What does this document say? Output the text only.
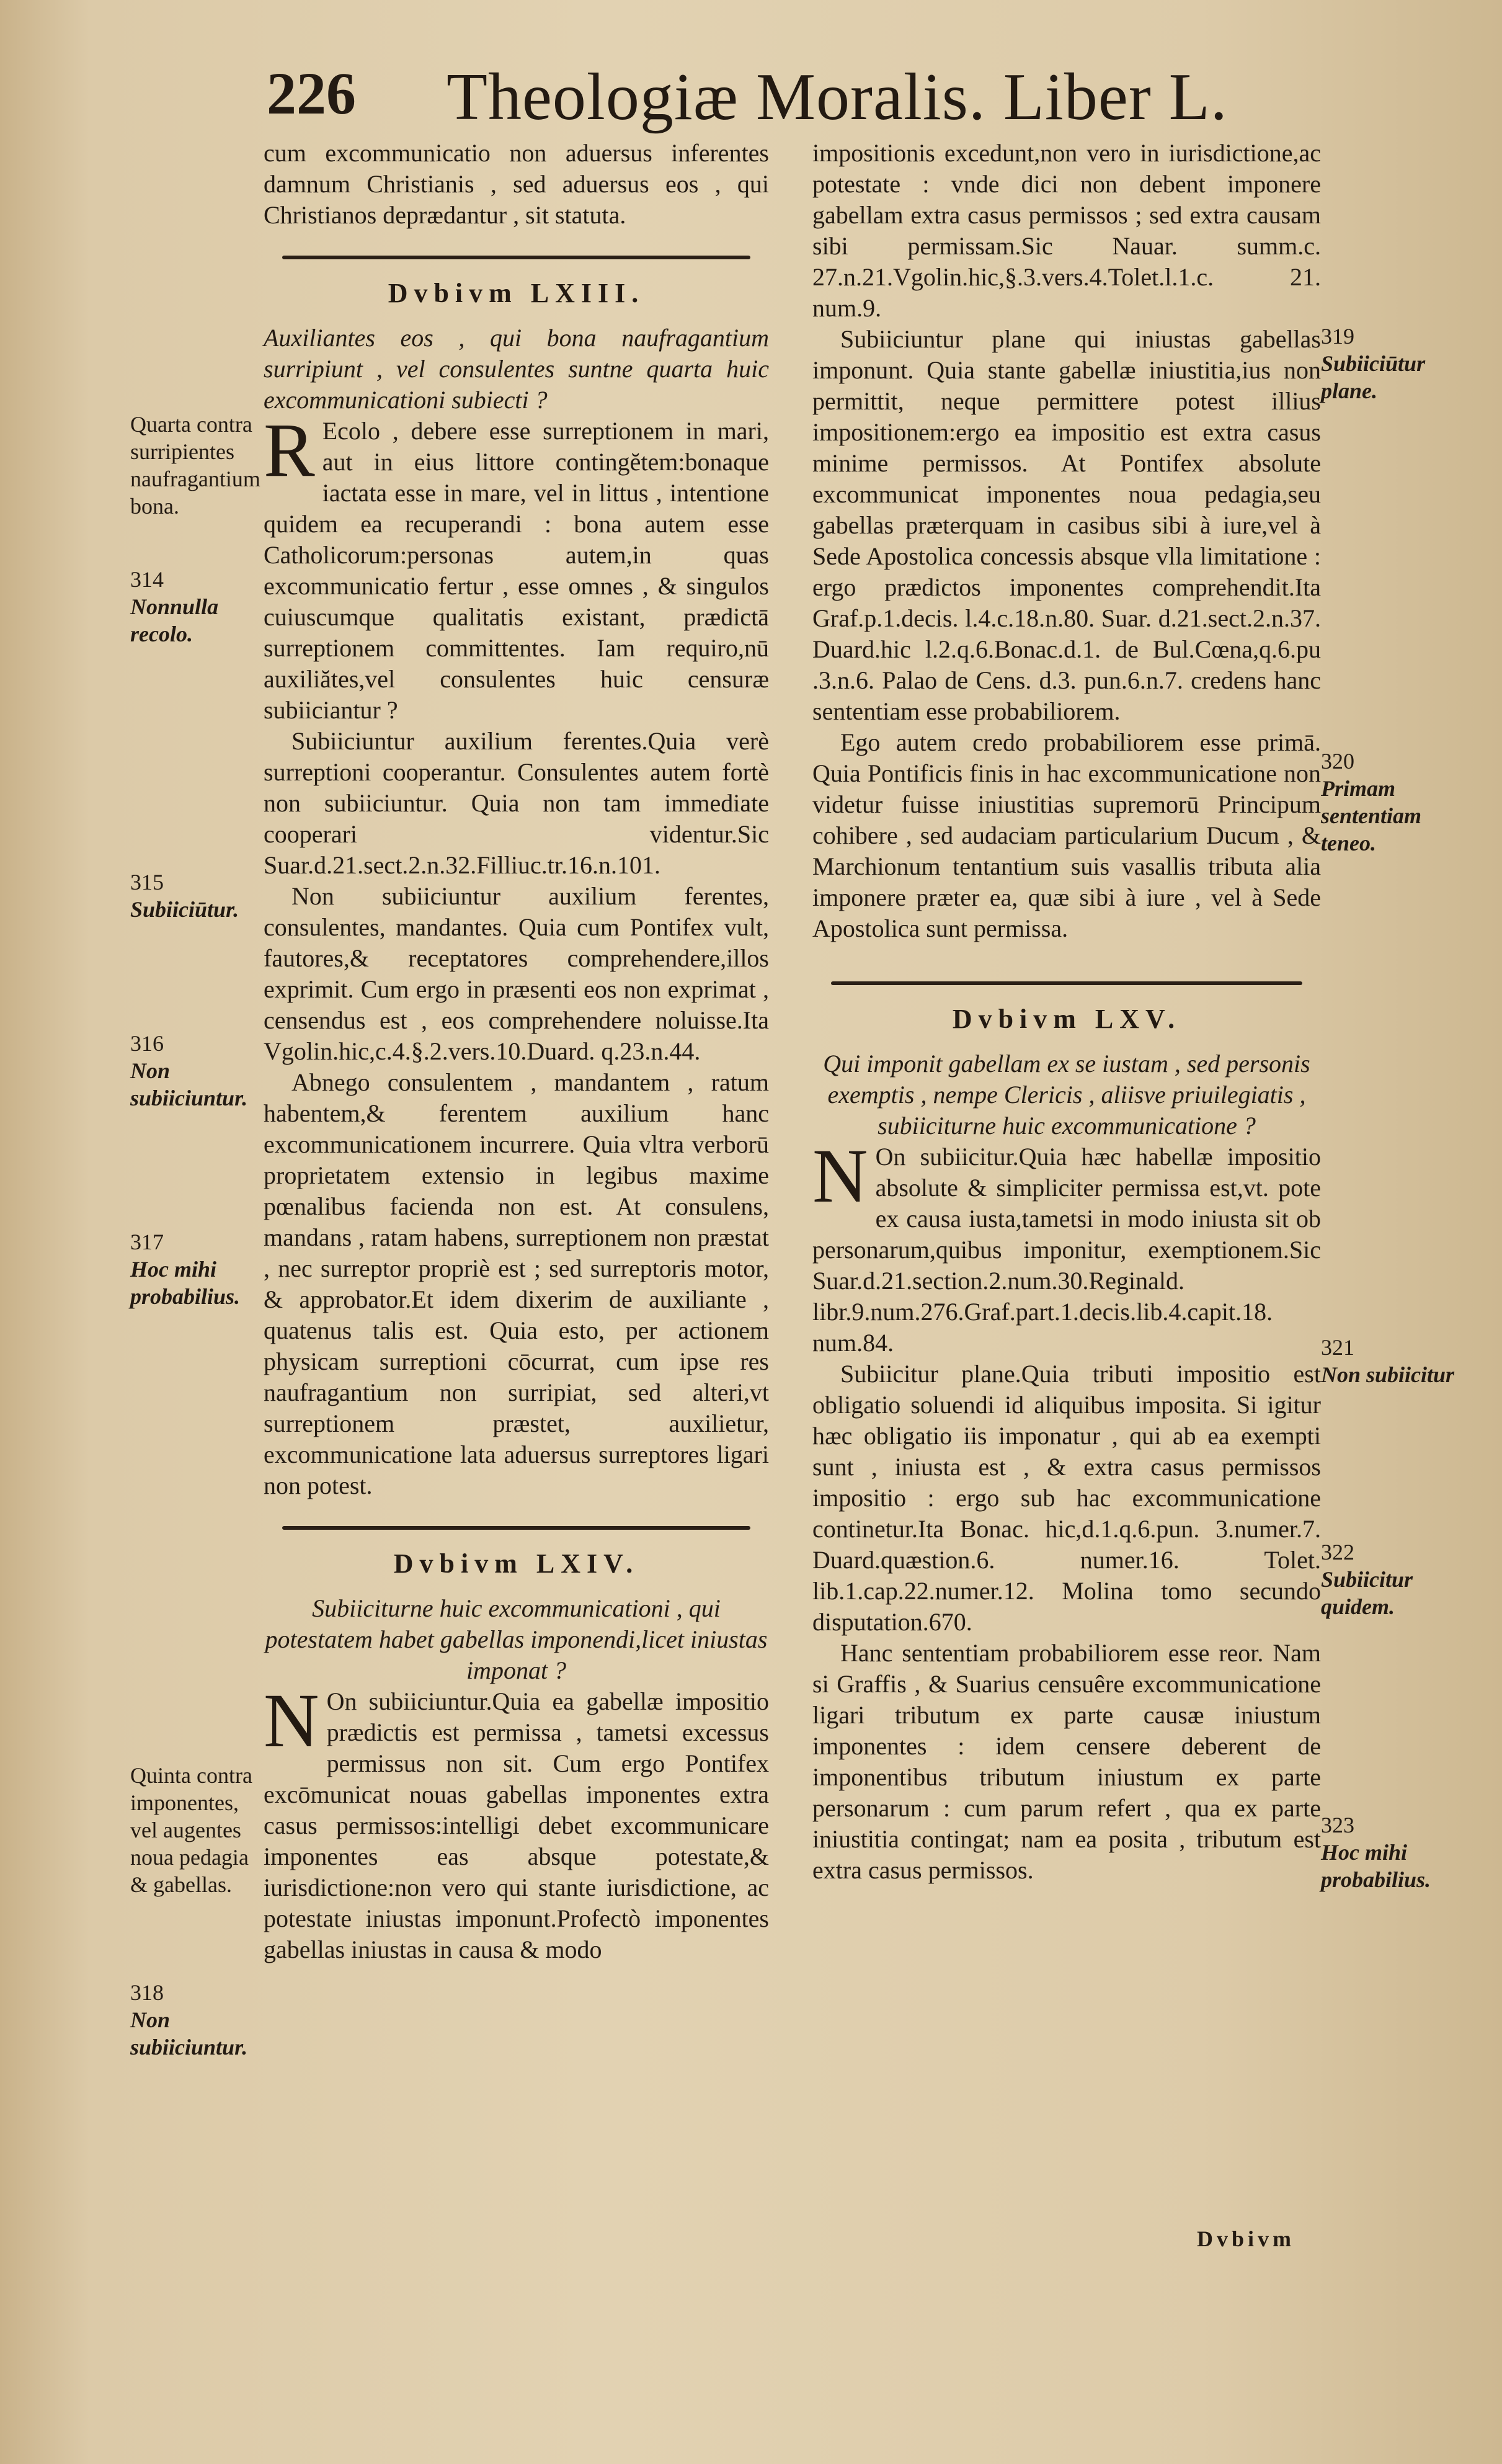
226 Theologiæ Moralis. Liber L.

cum excommunicatio non aduersus inferentes damnum Christianis , sed aduersus eos , qui Christianos deprædantur , sit statuta.

Dvbivm LXIII.

Auxiliantes eos , qui bona naufragantium surripiunt , vel consulentes suntne quarta huic excommunicationi subiecti ?

R Ecolo , debere esse surreptionem in mari, aut in eius littore contingĕtem:bonaque iactata esse in mare, vel in littus , intentione quidem ea recuperandi : bona autem esse Catholicorum:personas autem,in quas excommunicatio fertur , esse omnes , & singulos cuiuscumque qualitatis existant, prædictā surreptionem committentes. Iam requiro,nū auxiliătes,vel consulentes huic censuræ subiiciantur ?

Subiiciuntur auxilium ferentes.Quia verè surreptioni cooperantur. Consulentes autem fortè non subiiciuntur. Quia non tam immediate cooperari videntur.Sic Suar.d.21.sect.2.n.32.Filliuc.tr.16.n.101.

Non subiiciuntur auxilium ferentes, consulentes, mandantes. Quia cum Pontifex vult, fautores,& receptatores comprehendere,illos exprimit. Cum ergo in præsenti eos non exprimat , censendus est , eos comprehendere noluisse.Ita Vgolin.hic,c.4.§.2.vers.10.Duard. q.23.n.44.

Abnego consulentem , mandantem , ratum habentem,& ferentem auxilium hanc excommunicationem incurrere. Quia vltra verborū proprietatem extensio in legibus maxime pœnalibus facienda non est. At consulens, mandans , ratam habens, surreptionem non præstat , nec surreptor propriè est ; sed surreptoris motor, & approbator.Et idem dixerim de auxiliante , quatenus talis est. Quia esto, per actionem physicam surreptioni cōcurrat, cum ipse res naufragantium non surripiat, sed alteri,vt surreptionem præstet, auxilietur, excommunicatione lata aduersus surreptores ligari non potest.

Dvbivm LXIV.

Subiiciturne huic excommunicationi , qui potestatem habet gabellas imponendi,licet iniustas imponat ?

N On subiiciuntur.Quia ea gabellæ impositio prædictis est permissa , tametsi excessus permissus non sit. Cum ergo Pontifex excōmunicat nouas gabellas imponentes extra casus permissos:intelligi debet excommunicare imponentes eas absque potestate,& iurisdictione:non vero qui stante iurisdictione, ac potestate iniustas imponunt.Profectò imponentes gabellas iniustas in causa & modo

impositionis excedunt,non vero in iurisdictione,ac potestate : vnde dici non debent imponere gabellam extra casus permissos ; sed extra causam sibi permissam.Sic Nauar. summ.c. 27.n.21.Vgolin.hic,§.3.vers.4.Tolet.l.1.c. 21. num.9.

Subiiciuntur plane qui iniustas gabellas imponunt. Quia stante gabellæ iniustitia,ius non permittit, neque permittere potest illius impositionem:ergo ea impositio est extra casus minime permissos. At Pontifex absolute excommunicat imponentes noua pedagia,seu gabellas præterquam in casibus sibi à iure,vel à Sede Apostolica concessis absque vlla limitatione : ergo prædictos imponentes comprehendit.Ita Graf.p.1.decis. l.4.c.18.n.80. Suar. d.21.sect.2.n.37. Duard.hic l.2.q.6.Bonac.d.1. de Bul.Cœna,q.6.pu .3.n.6. Palao de Cens. d.3. pun.6.n.7. credens hanc sententiam esse probabiliorem.

Ego autem credo probabiliorem esse primā. Quia Pontificis finis in hac excommunicatione non videtur fuisse iniustitias supremorū Principum cohibere , sed audaciam particularium Ducum , & Marchionum tentantium suis vasallis tributa alia imponere præter ea, quæ sibi à iure , vel à Sede Apostolica sunt permissa.

Dvbivm LXV.

Qui imponit gabellam ex se iustam , sed personis exemptis , nempe Clericis , aliisve priuilegiatis , subiiciturne huic excommunicatione ?

N On subiicitur.Quia hæc habellæ impositio absolute & simpliciter permissa est,vt. pote ex causa iusta,tametsi in modo iniusta sit ob personarum,quibus imponitur, exemptionem.Sic Suar.d.21.section.2.num.30.Reginald. libr.9.num.276.Graf.part.1.decis.lib.4.capit.18. num.84.

Subiicitur plane.Quia tributi impositio est obligatio soluendi id aliquibus imposita. Si igitur hæc obligatio iis imponatur , qui ab ea exempti sunt , iniusta est , & extra casus permissos impositio : ergo sub hac excommunicatione continetur.Ita Bonac. hic,d.1.q.6.pun. 3.numer.7. Duard.quæstion.6. numer.16. Tolet. lib.1.cap.22.numer.12. Molina tomo secundo disputation.670.

Hanc sententiam probabiliorem esse reor. Nam si Graffis , & Suarius censuêre excommunicatione ligari tributum ex parte causæ iniustum imponentes : idem censere deberent de imponentibus tributum iniustum ex parte personarum : cum parum refert , qua ex parte iniustitia contingat; nam ea posita , tributum est extra casus permissos.

Quarta contra surripientes naufragantium bona.
314
Nonnulla recolo.
315
Subiiciūtur.
316
Non subiiciuntur.
317
Hoc mihi probabilius.
Quinta contra imponentes, vel augentes noua pedagia & gabellas.
318
Non subiiciuntur.
319
Subiiciūtur plane.
320
Primam sententiam teneo.
321
Non subiicitur
322
Subiicitur quidem.
323
Hoc mihi probabilius.
Dvbivm
